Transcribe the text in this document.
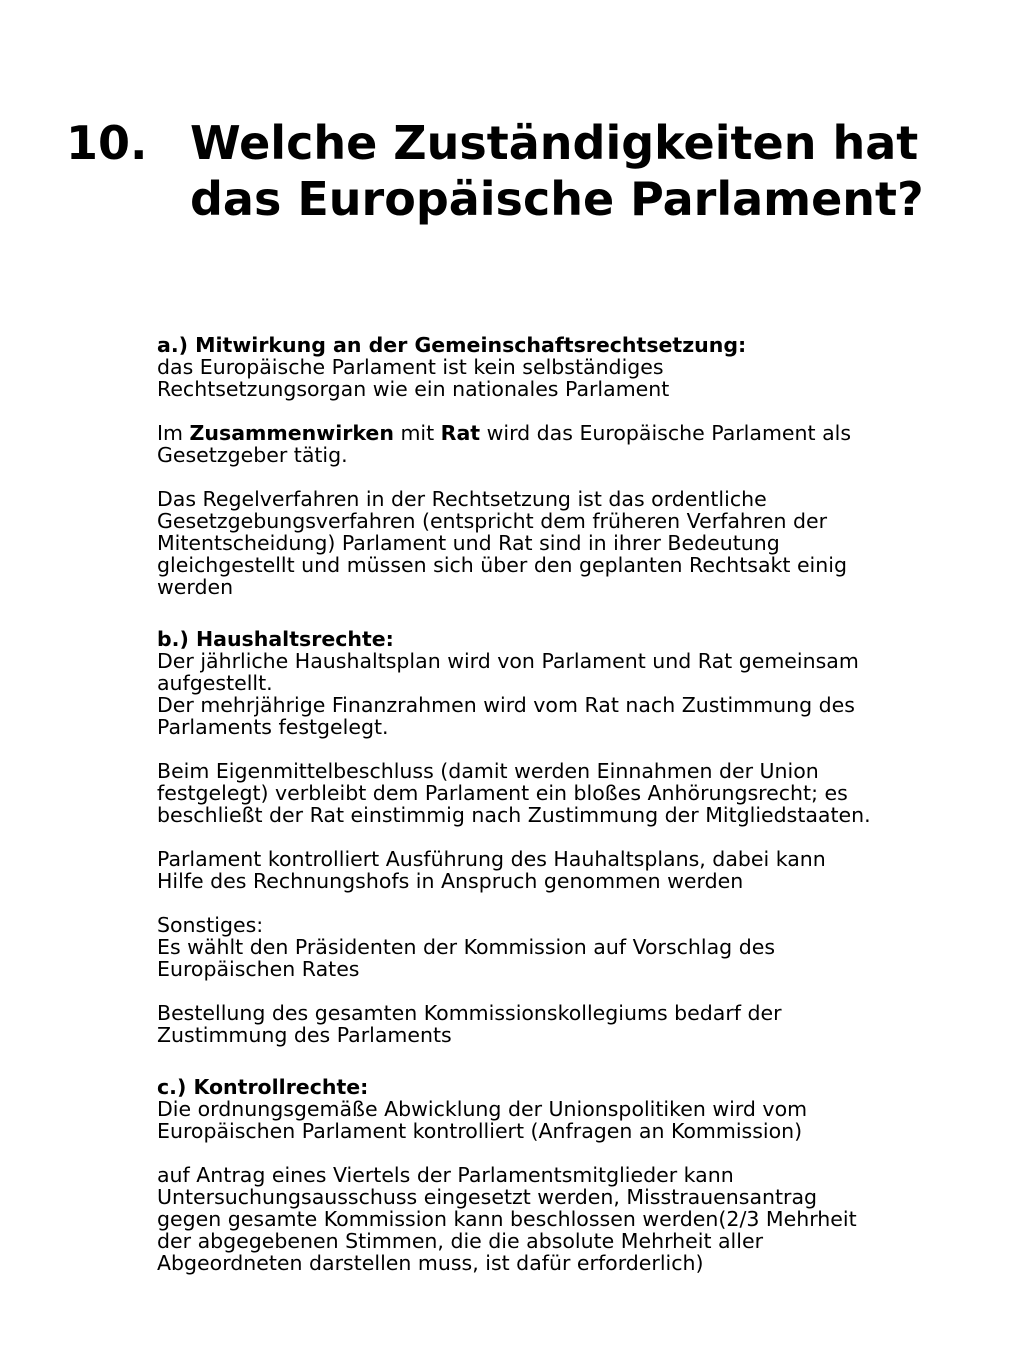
10. Welche Zuständigkeiten hat
das Europäische Parlament?

a.) Mitwirkung an der Gemeinschaftsrechtsetzung:

das Europäische Parlament ist kein selbständiges
Rechtsetzungsorgan wie ein nationales Parlament

Im Zusammenwirken mit Rat wird das Europäische Parlament als
Gesetzgeber tätig.

Das Regelverfahren in der Rechtsetzung ist das ordentliche
Gesetzgebungsverfahren (entspricht dem früheren Verfahren der
Mitentscheidung) Parlament und Rat sind in ihrer Bedeutung
gleichgestellt und müssen sich über den geplanten Rechtsakt einig
werden

b.) Haushaltsrechte:

Der jährliche Haushaltsplan wird von Parlament und Rat gemeinsam
aufgestellt.
Der mehrjährige Finanzrahmen wird vom Rat nach Zustimmung des
Parlaments festgelegt.

Beim Eigenmittelbeschluss (damit werden Einnahmen der Union
festgelegt) verbleibt dem Parlament ein bloßes Anhörungsrecht; es
beschließt der Rat einstimmig nach Zustimmung der Mitgliedstaaten.

Parlament kontrolliert Ausführung des Hauhaltsplans, dabei kann
Hilfe des Rechnungshofs in Anspruch genommen werden

Sonstiges:
Es wählt den Präsidenten der Kommission auf Vorschlag des
Europäischen Rates

Bestellung des gesamten Kommissionskollegiums bedarf der
Zustimmung des Parlaments

c.) Kontrollrechte:

Die ordnungsgemäße Abwicklung der Unionspolitiken wird vom
Europäischen Parlament kontrolliert (Anfragen an Kommission)

auf Antrag eines Viertels der Parlamentsmitglieder kann
Untersuchungsausschuss eingesetzt werden, Misstrauensantrag
gegen gesamte Kommission kann beschlossen werden(2/3 Mehrheit
der abgegebenen Stimmen, die die absolute Mehrheit aller
Abgeordneten darstellen muss, ist dafür erforderlich)
